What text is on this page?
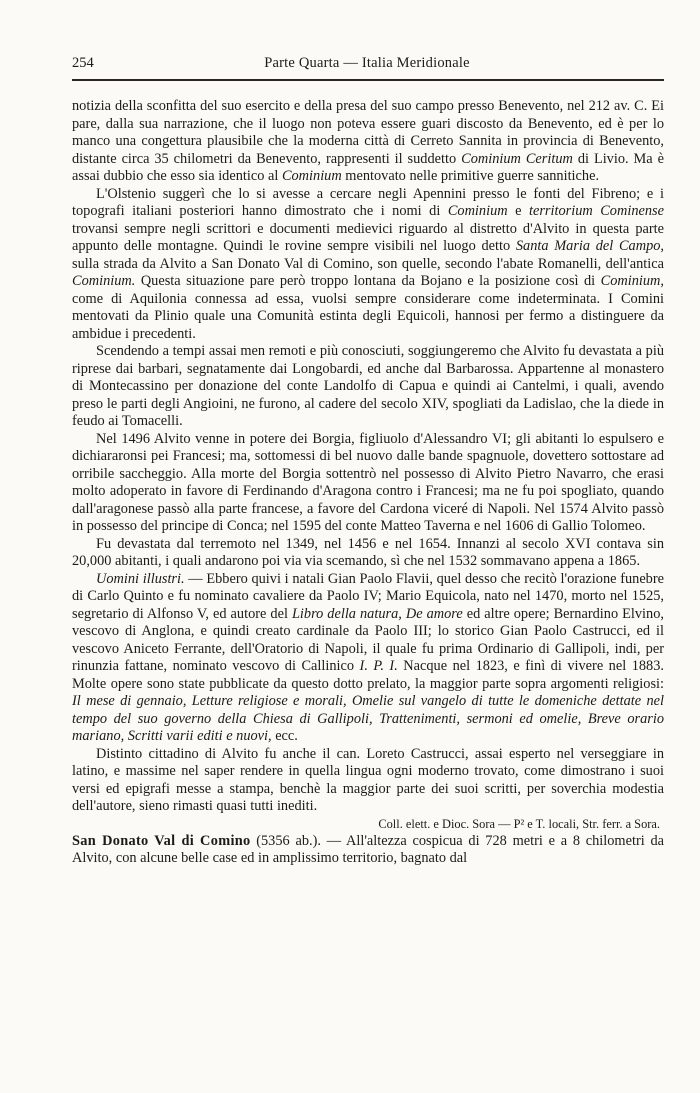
254	Parte Quarta — Italia Meridionale

notizia della sconfitta del suo esercito e della presa del suo campo presso Benevento, nel 212 av. C. Ei pare, dalla sua narrazione, che il luogo non poteva essere guari discosto da Benevento, ed è per lo manco una congettura plausibile che la moderna città di Cerreto Sannita in provincia di Benevento, distante circa 35 chilometri da Benevento, rappresenti il suddetto Cominium Ceritum di Livio. Ma è assai dubbio che esso sia identico al Cominium mentovato nelle primitive guerre sannitiche.

L'Olstenio suggerì che lo si avesse a cercare negli Apennini presso le fonti del Fibreno; e i topografi italiani posteriori hanno dimostrato che i nomi di Cominium e territorium Cominense trovansi sempre negli scrittori e documenti medievici riguardo al distretto d'Alvito in questa parte appunto delle montagne. Quindi le rovine sempre visibili nel luogo detto Santa Maria del Campo, sulla strada da Alvito a San Donato Val di Comino, son quelle, secondo l'abate Romanelli, dell'antica Cominium. Questa situazione pare però troppo lontana da Bojano e la posizione così di Cominium, come di Aquilonia connessa ad essa, vuolsi sempre considerare come indeterminata. I Comini mentovati da Plinio quale una Comunità estinta degli Equicoli, hannosi per fermo a distinguere da ambidue i precedenti.

Scendendo a tempi assai men remoti e più conosciuti, soggiungeremo che Alvito fu devastata a più riprese dai barbari, segnatamente dai Longobardi, ed anche dal Barbarossa. Appartenne al monastero di Montecassino per donazione del conte Landolfo di Capua e quindi ai Cantelmi, i quali, avendo preso le parti degli Angioini, ne furono, al cadere del secolo XIV, spogliati da Ladislao, che la diede in feudo ai Tomacelli.

Nel 1496 Alvito venne in potere dei Borgia, figliuolo d'Alessandro VI; gli abitanti lo espulsero e dichiararonsi pei Francesi; ma, sottomessi di bel nuovo dalle bande spagnuole, dovettero sottostare ad orribile saccheggio. Alla morte del Borgia sottentrò nel possesso di Alvito Pietro Navarro, che erasi molto adoperato in favore di Ferdinando d'Aragona contro i Francesi; ma ne fu poi spogliato, quando dall'aragonese passò alla parte francese, a favore del Cardona viceré di Napoli. Nel 1574 Alvito passò in possesso del principe di Conca; nel 1595 del conte Matteo Taverna e nel 1606 di Gallio Tolomeo.

Fu devastata dal terremoto nel 1349, nel 1456 e nel 1654. Innanzi al secolo XVI contava sin 20,000 abitanti, i quali andarono poi via via scemando, sì che nel 1532 sommavano appena a 1865.

Uomini illustri. — Ebbero quivi i natali Gian Paolo Flavii, quel desso che recitò l'orazione funebre di Carlo Quinto e fu nominato cavaliere da Paolo IV; Mario Equicola, nato nel 1470, morto nel 1525, segretario di Alfonso V, ed autore del Libro della natura, De amore ed altre opere; Bernardino Elvino, vescovo di Anglona, e quindi creato cardinale da Paolo III; lo storico Gian Paolo Castrucci, ed il vescovo Aniceto Ferrante, dell'Oratorio di Napoli, il quale fu prima Ordinario di Gallipoli, indi, per rinunzia fattane, nominato vescovo di Callinico I. P. I. Nacque nel 1823, e finì di vivere nel 1883. Molte opere sono state pubblicate da questo dotto prelato, la maggior parte sopra argomenti religiosi: Il mese di gennaio, Letture religiose e morali, Omelie sul vangelo di tutte le domeniche dettate nel tempo del suo governo della Chiesa di Gallipoli, Trattenimenti, sermoni ed omelie, Breve orario mariano, Scritti varii editi e nuovi, ecc.

Distinto cittadino di Alvito fu anche il can. Loreto Castrucci, assai esperto nel verseggiare in latino, e massime nel saper rendere in quella lingua ogni moderno trovato, come dimostrano i suoi versi ed epigrafi messe a stampa, benchè la maggior parte dei suoi scritti, per soverchia modestia dell'autore, sieno rimasti quasi tutti inediti.

Coll. elett. e Dioc. Sora — P² e T. locali, Str. ferr. a Sora.

San Donato Val di Comino (5356 ab.). — All'altezza cospicua di 728 metri e a 8 chilometri da Alvito, con alcune belle case ed in amplissimo territorio, bagnato dal
